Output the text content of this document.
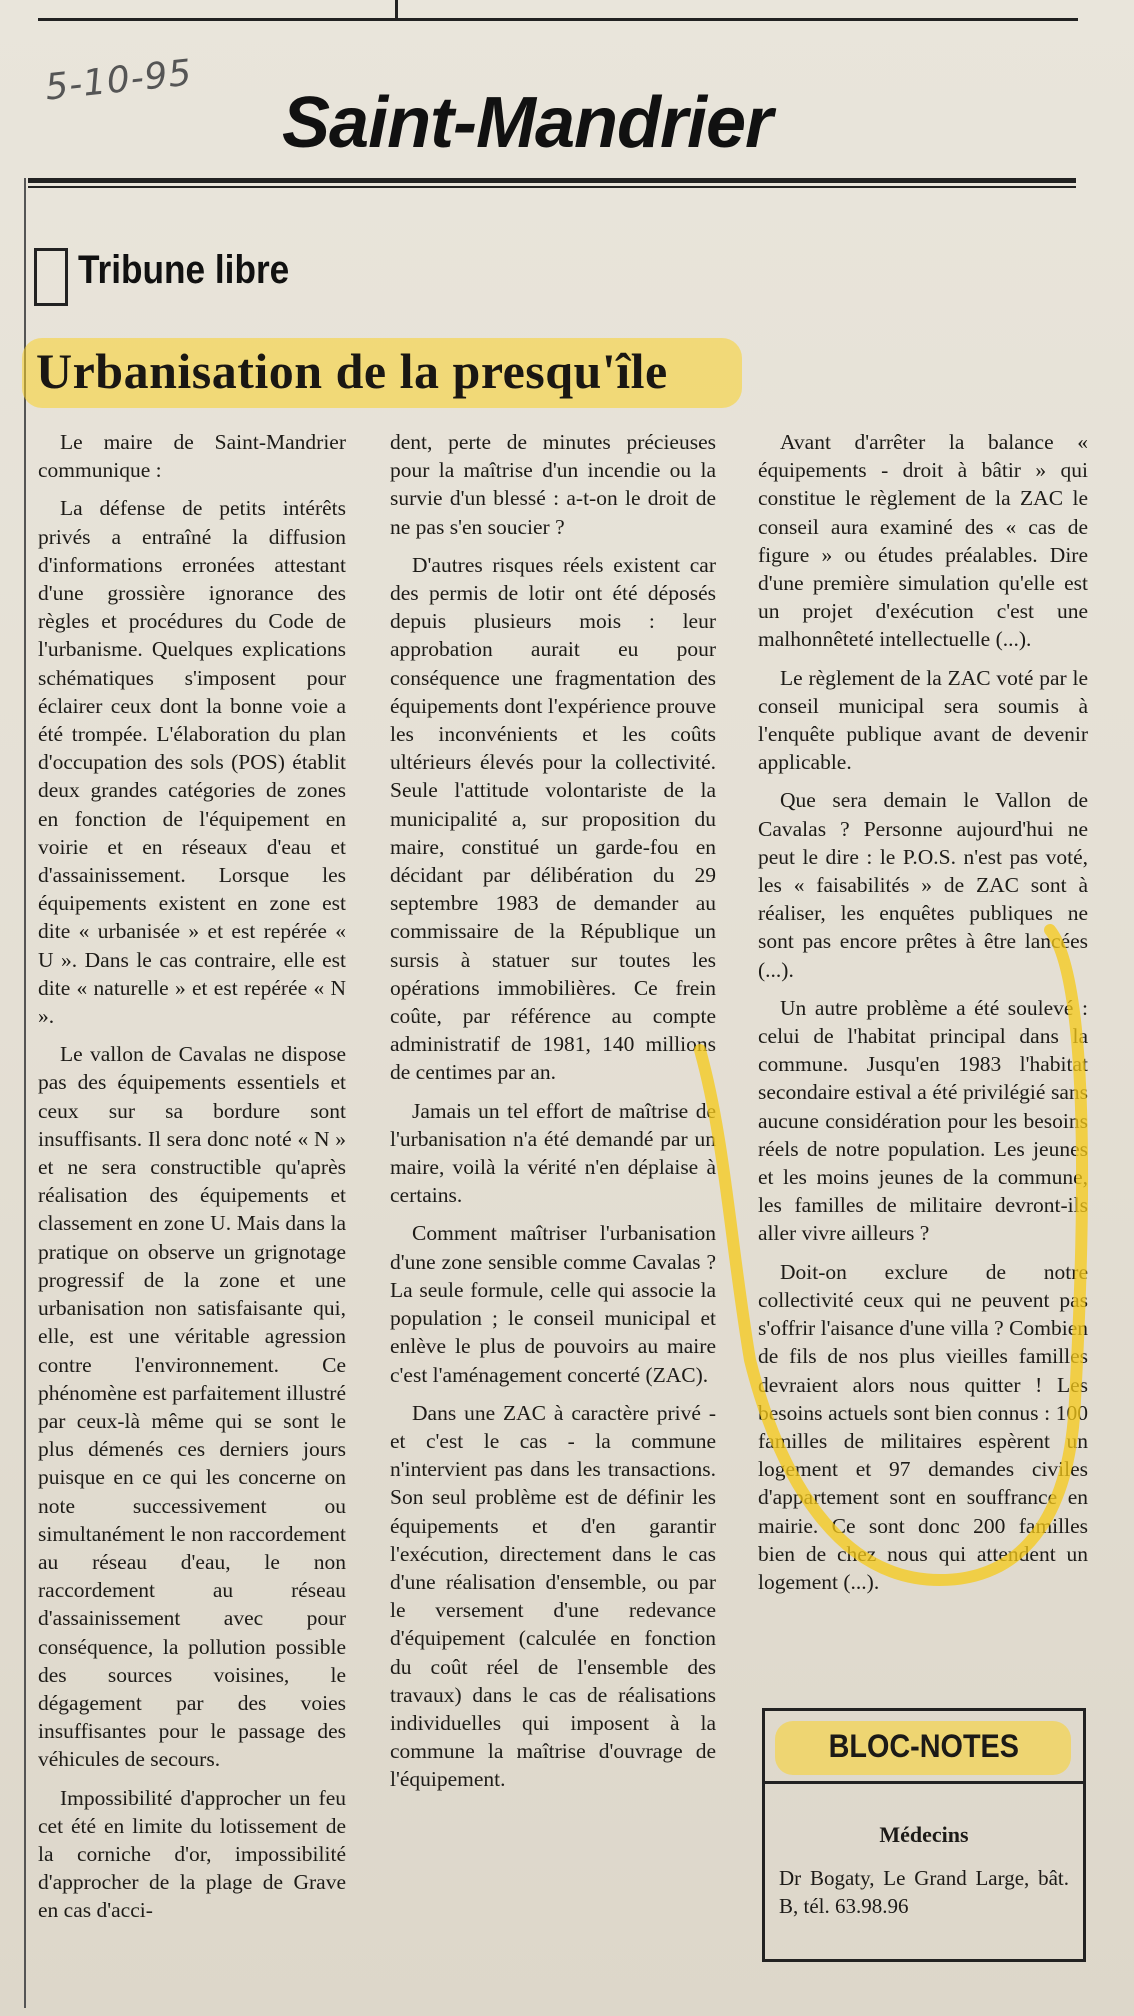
5-10-95
Saint-Mandrier
Tribune libre
Urbanisation de la presqu'île

Le maire de Saint-Mandrier communique :

La défense de petits intérêts privés a entraîné la diffusion d'informations erronées attestant d'une grossière ignorance des règles et procédures du Code de l'urbanisme. Quelques explications schématiques s'imposent pour éclairer ceux dont la bonne voie a été trompée. L'élaboration du plan d'occupation des sols (POS) établit deux grandes catégories de zones en fonction de l'équipement en voirie et en réseaux d'eau et d'assainissement. Lorsque les équipements existent en zone est dite « urbanisée » et est repérée « U ». Dans le cas contraire, elle est dite « naturelle » et est repérée « N ».

Le vallon de Cavalas ne dispose pas des équipements essentiels et ceux sur sa bordure sont insuffisants. Il sera donc noté « N » et ne sera constructible qu'après réalisation des équipements et classement en zone U. Mais dans la pratique on observe un grignotage progressif de la zone et une urbanisation non satisfaisante qui, elle, est une véritable agression contre l'environnement. Ce phénomène est parfaitement illustré par ceux-là même qui se sont le plus démenés ces derniers jours puisque en ce qui les concerne on note successivement ou simultanément le non raccordement au réseau d'eau, le non raccordement au réseau d'assainissement avec pour conséquence, la pollution possible des sources voisines, le dégagement par des voies insuffisantes pour le passage des véhicules de secours.

Impossibilité d'approcher un feu cet été en limite du lotissement de la corniche d'or, impossibilité d'approcher de la plage de Grave en cas d'acci-

dent, perte de minutes précieuses pour la maîtrise d'un incendie ou la survie d'un blessé : a-t-on le droit de ne pas s'en soucier ?

D'autres risques réels existent car des permis de lotir ont été déposés depuis plusieurs mois : leur approbation aurait eu pour conséquence une fragmentation des équipements dont l'expérience prouve les inconvénients et les coûts ultérieurs élevés pour la collectivité. Seule l'attitude volontariste de la municipalité a, sur proposition du maire, constitué un garde-fou en décidant par délibération du 29 septembre 1983 de demander au commissaire de la République un sursis à statuer sur toutes les opérations immobilières. Ce frein coûte, par référence au compte administratif de 1981, 140 millions de centimes par an.

Jamais un tel effort de maîtrise de l'urbanisation n'a été demandé par un maire, voilà la vérité n'en déplaise à certains.

Comment maîtriser l'urbanisation d'une zone sensible comme Cavalas ? La seule formule, celle qui associe la population ; le conseil municipal et enlève le plus de pouvoirs au maire c'est l'aménagement concerté (ZAC).

Dans une ZAC à caractère privé - et c'est le cas - la commune n'intervient pas dans les transactions. Son seul problème est de définir les équipements et d'en garantir l'exécution, directement dans le cas d'une réalisation d'ensemble, ou par le versement d'une redevance d'équipement (calculée en fonction du coût réel de l'ensemble des travaux) dans le cas de réalisations individuelles qui imposent à la commune la maîtrise d'ouvrage de l'équipement.

Avant d'arrêter la balance « équipements - droit à bâtir » qui constitue le règlement de la ZAC le conseil aura examiné des « cas de figure » ou études préalables. Dire d'une première simulation qu'elle est un projet d'exécution c'est une malhonnêteté intellectuelle (...).

Le règlement de la ZAC voté par le conseil municipal sera soumis à l'enquête publique avant de devenir applicable.

Que sera demain le Vallon de Cavalas ? Personne aujourd'hui ne peut le dire : le P.O.S. n'est pas voté, les « faisabilités » de ZAC sont à réaliser, les enquêtes publiques ne sont pas encore prêtes à être lancées (...).

Un autre problème a été soulevé : celui de l'habitat principal dans la commune. Jusqu'en 1983 l'habitat secondaire estival a été privilégié sans aucune considération pour les besoins réels de notre population. Les jeunes et les moins jeunes de la commune, les familles de militaire devront-ils aller vivre ailleurs ?

Doit-on exclure de notre collectivité ceux qui ne peuvent pas s'offrir l'aisance d'une villa ? Combien de fils de nos plus vieilles familles devraient alors nous quitter ! Les besoins actuels sont bien connus : 100 familles de militaires espèrent un logement et 97 demandes civiles d'appartement sont en souffrance en mairie. Ce sont donc 200 familles bien de chez nous qui attendent un logement (...).

BLOC-NOTES
Médecins
Dr Bogaty, Le Grand Large, bât. B, tél. 63.98.96
